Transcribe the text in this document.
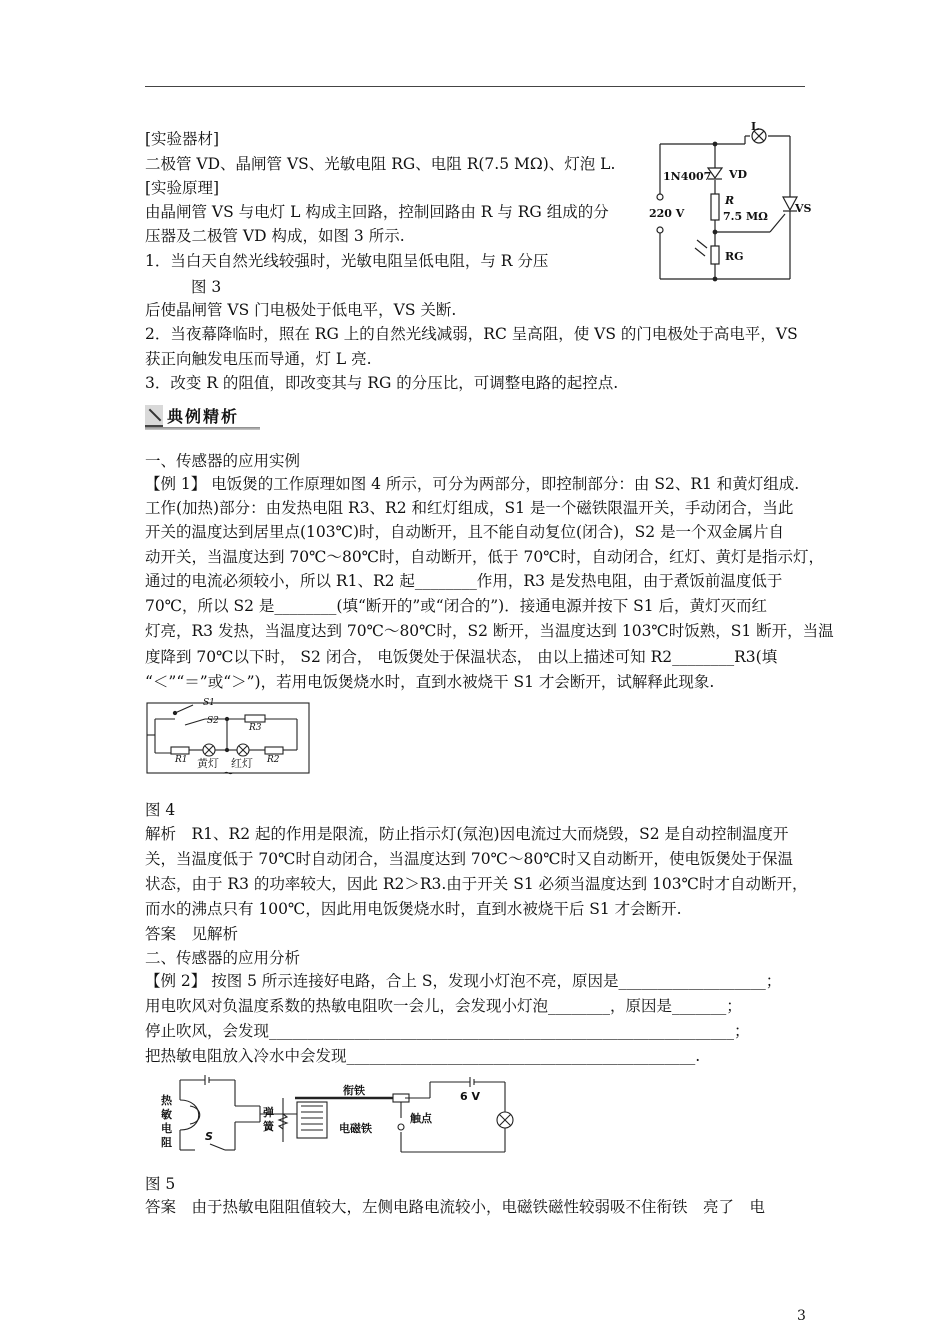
[实验器材]
二极管 VD、晶闸管 VS、光敏电阻 RG、电阻 R(7.5 MΩ)、灯泡 L.
[实验原理]
由晶闸管 VS 与电灯 L 构成主回路，控制回路由 R 与 RG 组成的分
压器及二极管 VD 构成，如图 3 所示.
1．当白天自然光线较强时，光敏电阻呈低电阻，与 R 分压
图 3
后使晶闸管 VS 门电极处于低电平，VS 关断.
2．当夜幕降临时，照在 RG 上的自然光线减弱，RC 呈高阻，使 VS 的门电极处于高电平，VS
获正向触发电压而导通，灯 L 亮.
3．改变 R 的阻值，即改变其与 RG 的分压比，可调整电路的起控点.
1N4007 VD
R
7.5 MΩ
220 V	VS
RG
L
典例精析
一、传感器的应用实例
【例 1】 电饭煲的工作原理如图 4 所示，可分为两部分，即控制部分：由 S2、R1 和黄灯组成.
工作(加热)部分：由发热电阻 R3、R2 和红灯组成，S1 是一个磁铁限温开关，手动闭合，当此
开关的温度达到居里点(103℃)时，自动断开，且不能自动复位(闭合)，S2 是一个双金属片自
动开关，当温度达到 70℃～80℃时，自动断开，低于 70℃时，自动闭合，红灯、黄灯是指示灯，
通过的电流必须较小，所以 R1、R2 起________作用，R3 是发热电阻，由于煮饭前温度低于
70℃，所以 S2 是________(填“断开的”或“闭合的”)．接通电源并按下 S1 后，黄灯灭而红
灯亮，R3 发热，当温度达到 70℃～80℃时，S2 断开，当温度达到 103℃时饭熟，S1 断开，当温
度降到 70℃以下时， S2 闭合， 电饭煲处于保温状态， 由以上描述可知 R2________R3(填
“＜”“＝”或“＞”)，若用电饭煲烧水时，直到水被烧干 S1 才会断开，试解释此现象.
S1
S2
R1	R2
R3
黄灯 红灯
～
图 4
解析　R1、R2 起的作用是限流，防止指示灯(氖泡)因电流过大而烧毁，S2 是自动控制温度开
关，当温度低于 70℃时自动闭合，当温度达到 70℃～80℃时又自动断开，使电饭煲处于保温
状态，由于 R3 的功率较大，因此 R2＞R3.由于开关 S1 必须当温度达到 103℃时才自动断开，
而水的沸点只有 100℃，因此用电饭煲烧水时，直到水被烧干后 S1 才会断开.
答案　见解析
二、传感器的应用分析
【例 2】 按图 5 所示连接好电路，合上 S，发现小灯泡不亮，原因是___________________；
用电吹风对负温度系数的热敏电阻吹一会儿，会发现小灯泡________，原因是_______；
停止吹风，会发现____________________________________________________________；
把热敏电阻放入冷水中会发现_____________________________________________.
热
敏
电
阻	S
弹
簧
衔铁
电磁铁
触点
6 V
图 5
答案　由于热敏电阻阻值较大，左侧电路电流较小，电磁铁磁性较弱吸不住衔铁　亮了　电
3
